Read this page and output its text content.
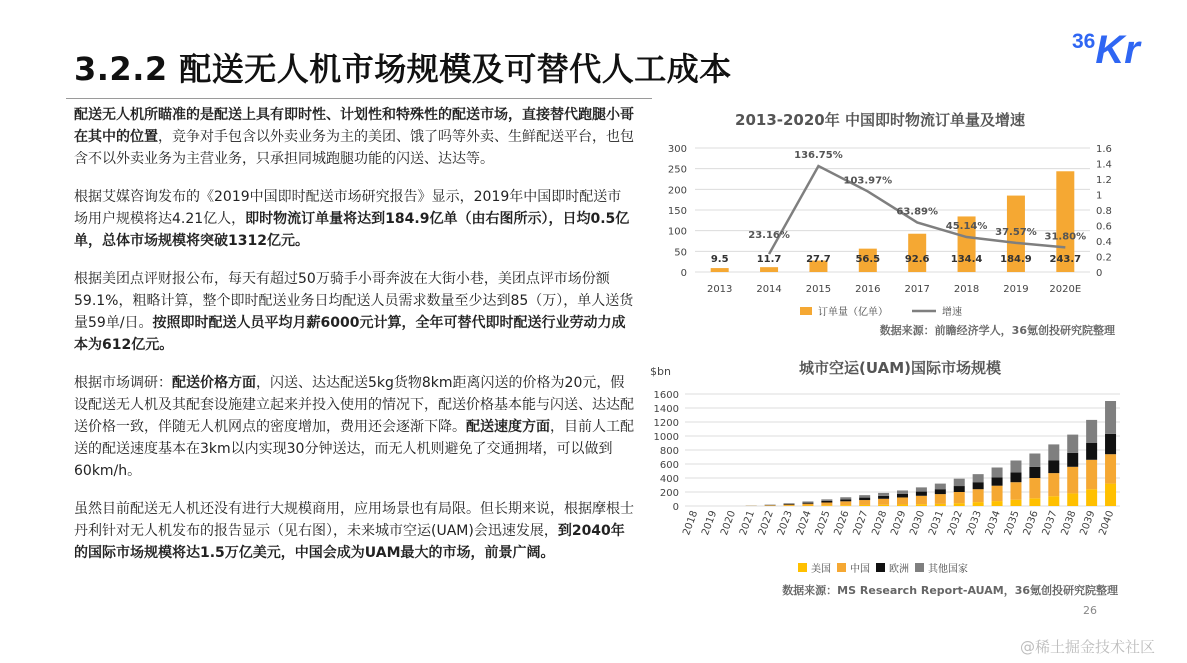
3.2.2 配送无人机市场规模及可替代人工成本
36Kr

配送无人机所瞄准的是配送上具有即时性、计划性和特殊性的配送市场，直接替代跑腿小哥在其中的位置，竞争对手包含以外卖业务为主的美团、饿了吗等外卖、生鲜配送平台，也包含不以外卖业务为主营业务，只承担同城跑腿功能的闪送、达达等。

根据艾媒咨询发布的《2019中国即时配送市场研究报告》显示，2019年中国即时配送市场用户规模将达4.21亿人，即时物流订单量将达到184.9亿单（由右图所示），日均0.5亿单，总体市场规模将突破1312亿元。

根据美团点评财报公布，每天有超过50万骑手小哥奔波在大街小巷，美团点评市场份额59.1%，粗略计算，整个即时配送业务日均配送人员需求数量至少达到85（万），单人送货量59单/日。按照即时配送人员平均月薪6000元计算，全年可替代即时配送行业劳动力成本为612亿元。

根据市场调研：配送价格方面，闪送、达达配送5kg货物8km距离闪送的价格为20元，假设配送无人机及其配套设施建立起来并投入使用的情况下，配送价格基本能与闪送、达达配送价格一致，伴随无人机网点的密度增加，费用还会逐渐下降。配送速度方面，目前人工配送的配送速度基本在3km以内实现30分钟送达，而无人机则避免了交通拥堵，可以做到60km/h。

虽然目前配送无人机还没有进行大规模商用，应用场景也有局限。但长期来说，根据摩根士丹利针对无人机发布的报告显示（见右图），未来城市空运(UAM)会迅速发展，到2040年的国际市场规模将达1.5万亿美元，中国会成为UAM最大的市场，前景广阔。

2013-2020年 中国即时物流订单量及增速
0
50
100
150
200
250
300
0
0.2
0.4
0.6
0.8
1
1.2
1.4
1.6
9.5
2013
11.7
2014
27.7
2015
56.5
2016
92.6
2017
134.4
2018
184.9
2019
243.7
2020E
23.16%
136.75%
103.97%
63.89%
45.14%
37.57% 31.80%
订单量（亿单）	增速
数据来源：前瞻经济学人，36氪创投研究院整理
城市空运(UAM)国际市场规模
$bn
0
200
400
600
800
1000
1200
1400
1600
2018 2019 2020 2021 2022 2023 2024 2025 2026 2027 2028 2029 2030 2031 2032 2033 2034 2035 2036 2037 2038 2039 2040
美国 中国 欧洲 其他国家
数据来源：MS Research Report-AUAM，36氪创投研究院整理
26
@稀土掘金技术社区
